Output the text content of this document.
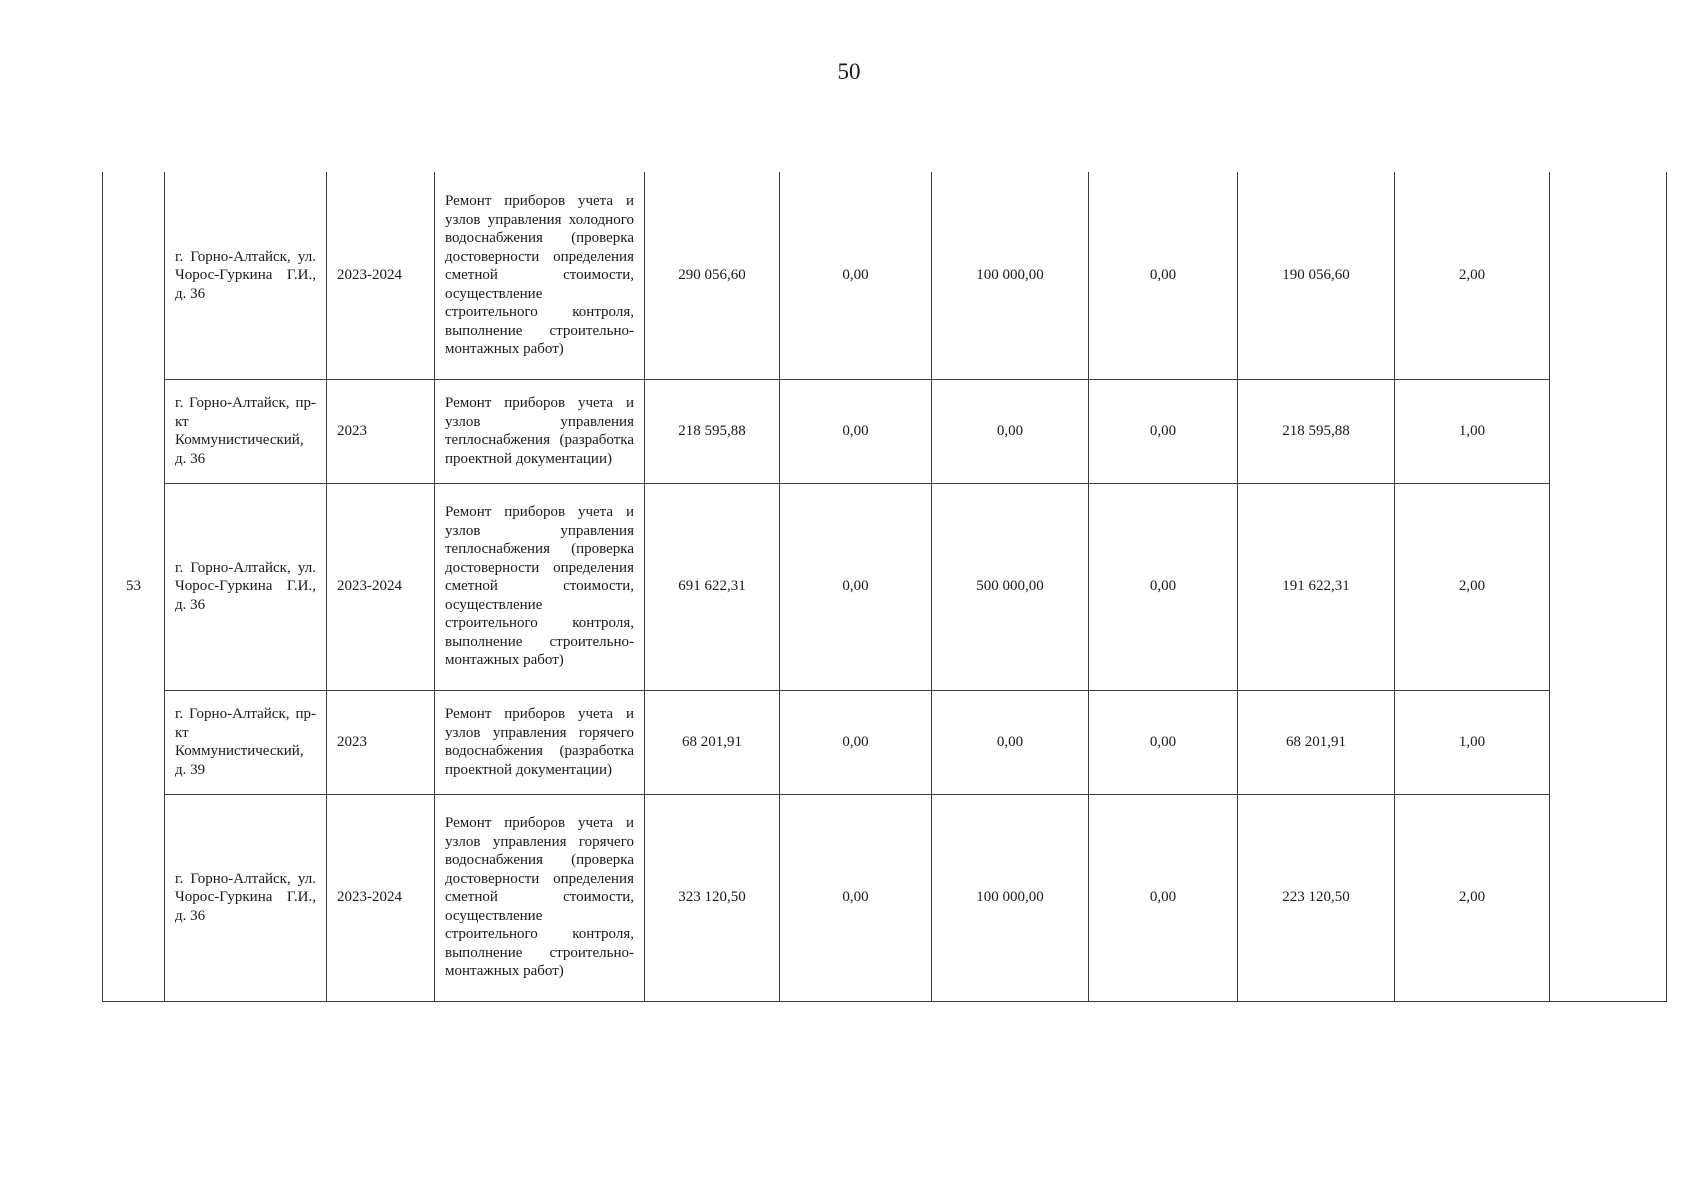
50
53	г. Горно-Алтайск, ул. Чорос-Гуркина Г.И., д. 36	2023-2024	Ремонт приборов учета и узлов управления холодного водоснабжения (проверка достоверности определения сметной стоимости, осуществление строительного контроля, выполнение строительно-монтажных работ)	290 056,60	0,00	100 000,00	0,00	190 056,60	2,00	
	г. Горно-Алтайск, пр-кт Коммунистический, д. 36	2023	Ремонт приборов учета и узлов управления теплоснабжения (разработка проектной документации)	218 595,88	0,00	0,00	0,00	218 595,88	1,00	
	г. Горно-Алтайск, ул. Чорос-Гуркина Г.И., д. 36	2023-2024	Ремонт приборов учета и узлов управления теплоснабжения (проверка достоверности определения сметной стоимости, осуществление строительного контроля, выполнение строительно-монтажных работ)	691 622,31	0,00	500 000,00	0,00	191 622,31	2,00	
	г. Горно-Алтайск, пр-кт Коммунистический, д. 39	2023	Ремонт приборов учета и узлов управления горячего водоснабжения (разработка проектной документации)	68 201,91	0,00	0,00	0,00	68 201,91	1,00	
	г. Горно-Алтайск, ул. Чорос-Гуркина Г.И., д. 36	2023-2024	Ремонт приборов учета и узлов управления горячего водоснабжения (проверка достоверности определения сметной стоимости, осуществление строительного контроля, выполнение строительно-монтажных работ)	323 120,50	0,00	100 000,00	0,00	223 120,50	2,00	
